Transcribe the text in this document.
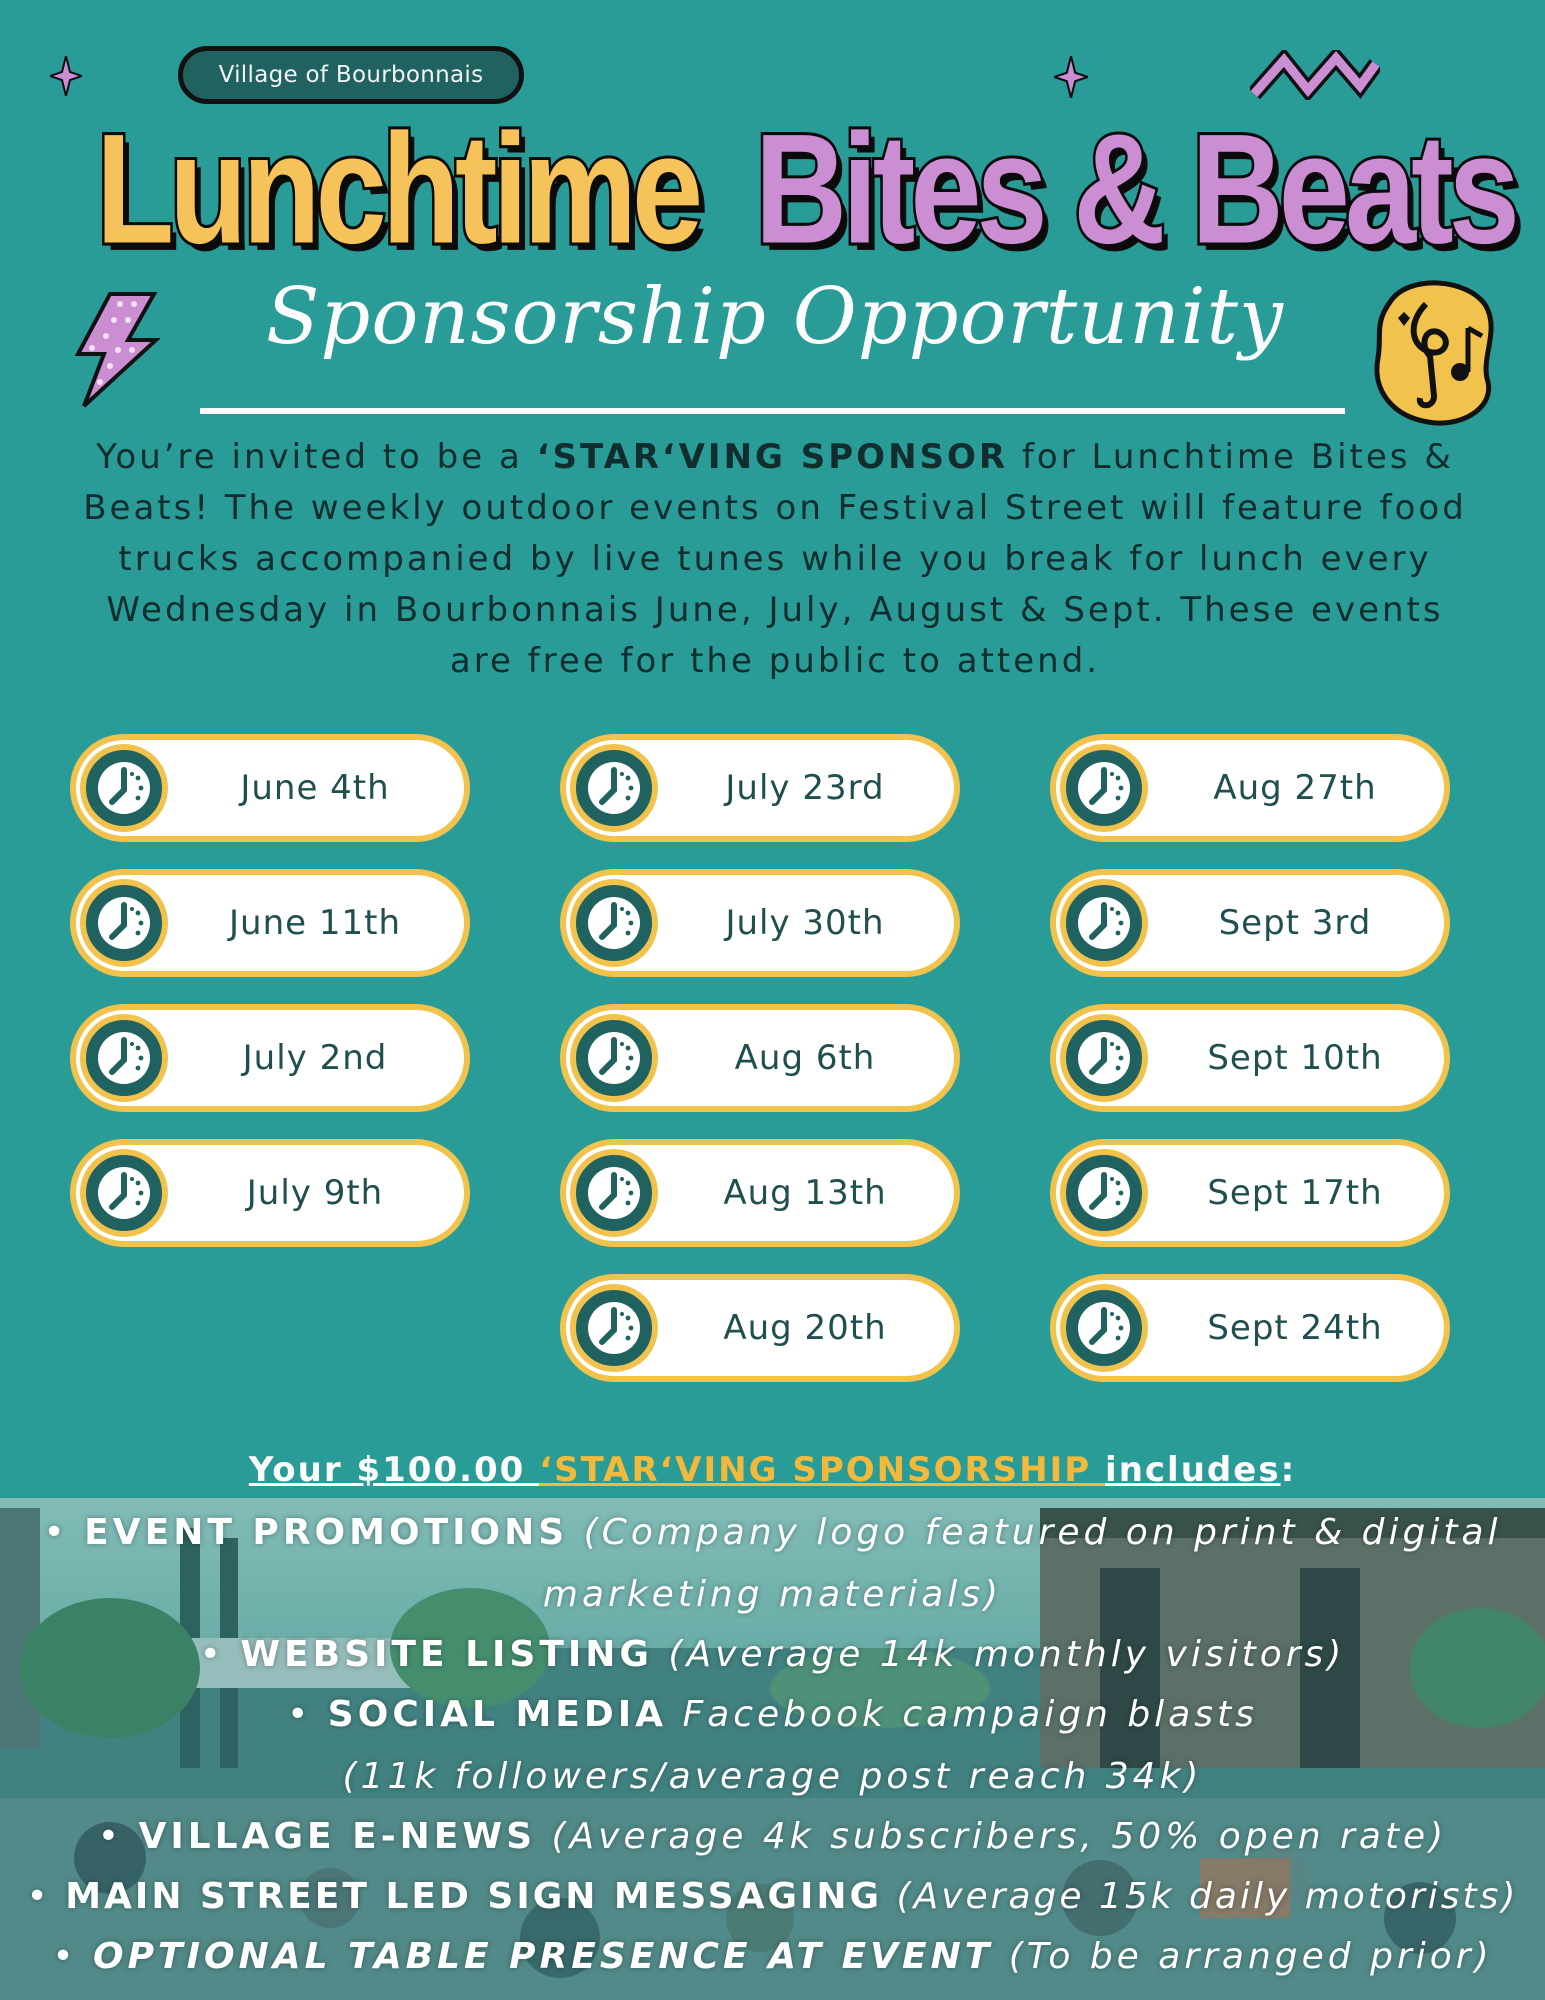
Village of Bourbonnais
Lunchtime Bites & Beats
Sponsorship Opportunity
You’re invited to be a ‘STAR‘VING SPONSOR for Lunchtime Bites & Beats! The weekly outdoor events on Festival Street will feature food trucks accompanied by live tunes while you break for lunch every Wednesday in Bourbonnais June, July, August & Sept. These events are free for the public to attend.
June 4th
June 11th
July 2nd
July 9th
July 23rd
July 30th
Aug 6th
Aug 13th
Aug 20th
Aug 27th
Sept 3rd
Sept 10th
Sept 17th
Sept 24th
Your $100.00 ‘STAR‘VING SPONSORSHIP includes:
• EVENT PROMOTIONS (Company logo featured on print & digital
marketing materials)
• WEBSITE LISTING (Average 14k monthly visitors)
• SOCIAL MEDIA Facebook campaign blasts
(11k followers/average post reach 34k)
• VILLAGE E-NEWS (Average 4k subscribers, 50% open rate)
• MAIN STREET LED SIGN MESSAGING (Average 15k daily motorists)
• OPTIONAL TABLE PRESENCE AT EVENT (To be arranged prior)
